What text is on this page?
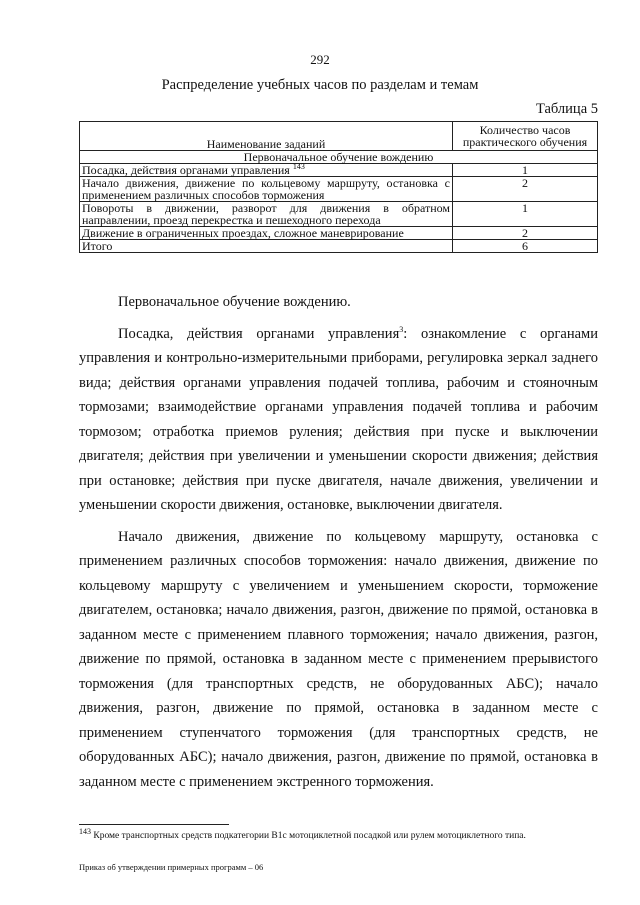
292
Распределение учебных часов по разделам и темам
Таблица 5
Наименование заданий	Количество часов практического обучения
Первоначальное обучение вождению	
Посадка, действия органами управления $^{143}$	1
Начало движения, движение по кольцевому маршруту, остановка с применением различных способов торможения	2
Повороты в движении, разворот для движения в обратном направлении, проезд перекрестка и пешеходного перехода	1
Движение в ограниченных проездах, сложное маневрирование	2
Итого	6

Первоначальное обучение вождению.

Посадка, действия органами управления$^3$: ознакомление с органами управления и контрольно-измерительными приборами, регулировка зеркал заднего вида; действия органами управления подачей топлива, рабочим и стояночным тормозами; взаимодействие органами управления подачей топлива и рабочим тормозом; отработка приемов руления; действия при пуске и выключении двигателя; действия при увеличении и уменьшении скорости движения; действия при остановке; действия при пуске двигателя, начале движения, увеличении и уменьшении скорости движения, остановке, выключении двигателя.

Начало движения, движение по кольцевому маршруту, остановка с применением различных способов торможения: начало движения, движение по кольцевому маршруту с увеличением и уменьшением скорости, торможение двигателем, остановка; начало движения, разгон, движение по прямой, остановка в заданном месте с применением плавного торможения; начало движения, разгон, движение по прямой, остановка в заданном месте с применением прерывистого торможения (для транспортных средств, не оборудованных АБС); начало движения, разгон, движение по прямой, остановка в заданном месте с применением ступенчатого торможения (для транспортных средств, не оборудованных АБС); начало движения, разгон, движение по прямой, остановка в заданном месте с применением экстренного торможения.

$^{143}$ Кроме транспортных средств подкатегории В1с мотоциклетной посадкой или рулем мотоциклетного типа.
Приказ об утверждении примерных программ – 06
